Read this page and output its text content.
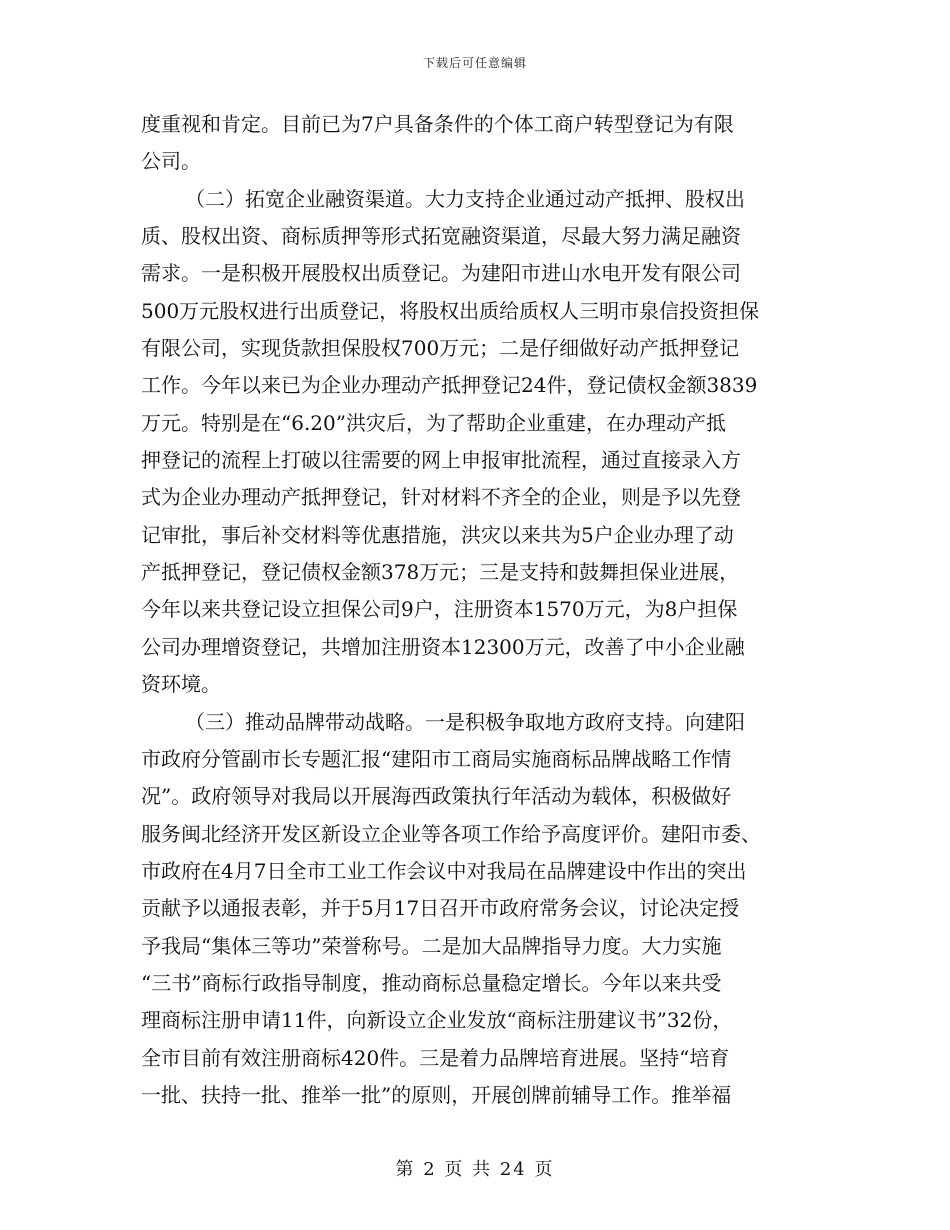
下载后可任意编辑
度重视和肯定。目前已为7户具备条件的个体工商户转型登记为有限
公司。
（二）拓宽企业融资渠道。大力支持企业通过动产抵押、股权出
质、股权出资、商标质押等形式拓宽融资渠道，尽最大努力满足融资
需求。一是积极开展股权出质登记。为建阳市进山水电开发有限公司
500万元股权进行出质登记，将股权出质给质权人三明市泉信投资担保
有限公司，实现货款担保股权700万元；二是仔细做好动产抵押登记
工作。今年以来已为企业办理动产抵押登记24件，登记债权金额3839
万元。特别是在“6.20”洪灾后，为了帮助企业重建，在办理动产抵
押登记的流程上打破以往需要的网上申报审批流程，通过直接录入方
式为企业办理动产抵押登记，针对材料不齐全的企业，则是予以先登
记审批，事后补交材料等优惠措施，洪灾以来共为5户企业办理了动
产抵押登记，登记债权金额378万元；三是支持和鼓舞担保业进展，
今年以来共登记设立担保公司9户，注册资本1570万元，为8户担保
公司办理增资登记，共增加注册资本12300万元，改善了中小企业融
资环境。
（三）推动品牌带动战略。一是积极争取地方政府支持。向建阳
市政府分管副市长专题汇报“建阳市工商局实施商标品牌战略工作情
况”。政府领导对我局以开展海西政策执行年活动为载体，积极做好
服务闽北经济开发区新设立企业等各项工作给予高度评价。建阳市委、
市政府在4月7日全市工业工作会议中对我局在品牌建设中作出的突出
贡献予以通报表彰，并于5月17日召开市政府常务会议，讨论决定授
予我局“集体三等功”荣誉称号。二是加大品牌指导力度。大力实施
“三书”商标行政指导制度，推动商标总量稳定增长。今年以来共受
理商标注册申请11件，向新设立企业发放“商标注册建议书”32份，
全市目前有效注册商标420件。三是着力品牌培育进展。坚持“培育
一批、扶持一批、推举一批”的原则，开展创牌前辅导工作。推举福
第 2 页 共 24 页
